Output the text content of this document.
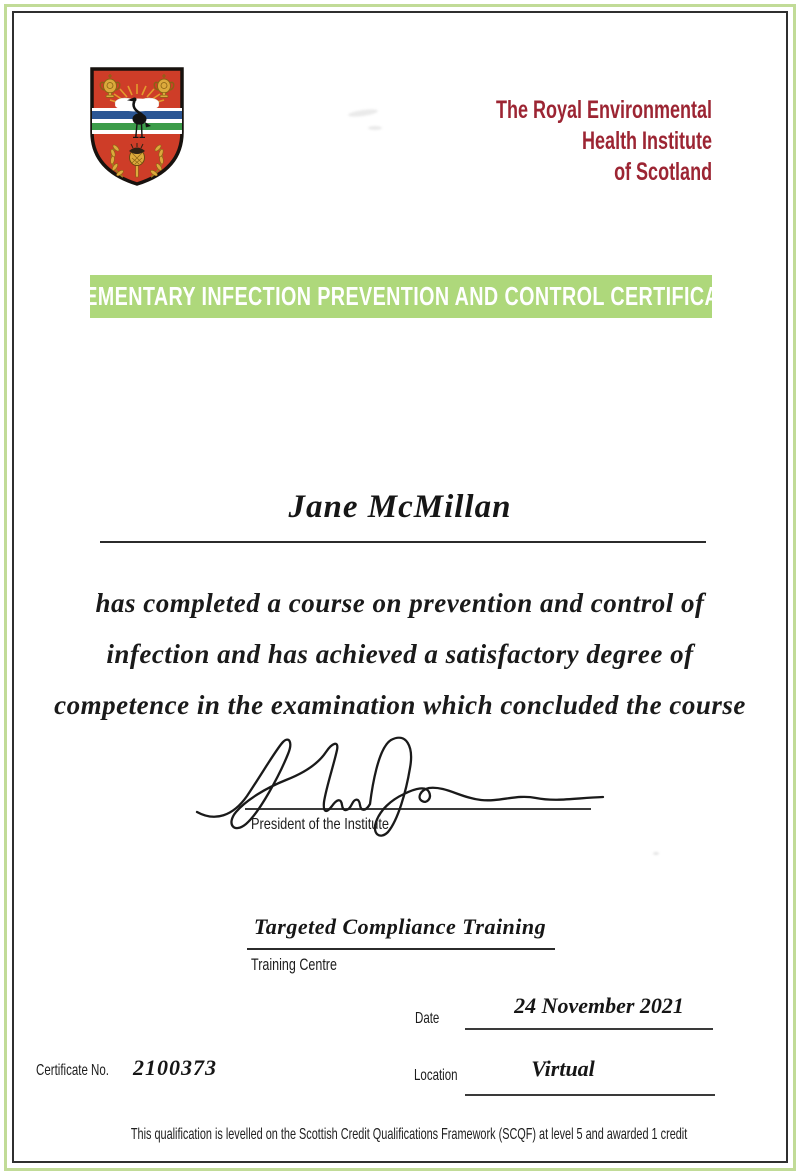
The Royal Environmental
Health Institute
of Scotland
ELEMENTARY INFECTION PREVENTION AND CONTROL CERTIFICATE
Jane McMillan
has completed a course on prevention and control of
infection and has achieved a satisfactory degree of
competence in the examination which concluded the course
President of the Institute
Targeted Compliance Training
Training Centre
Date
24 November 2021
Certificate No. 2100373	Location	Virtual
This qualification is levelled on the Scottish Credit Qualifications Framework (SCQF) at level 5 and awarded 1 credit
